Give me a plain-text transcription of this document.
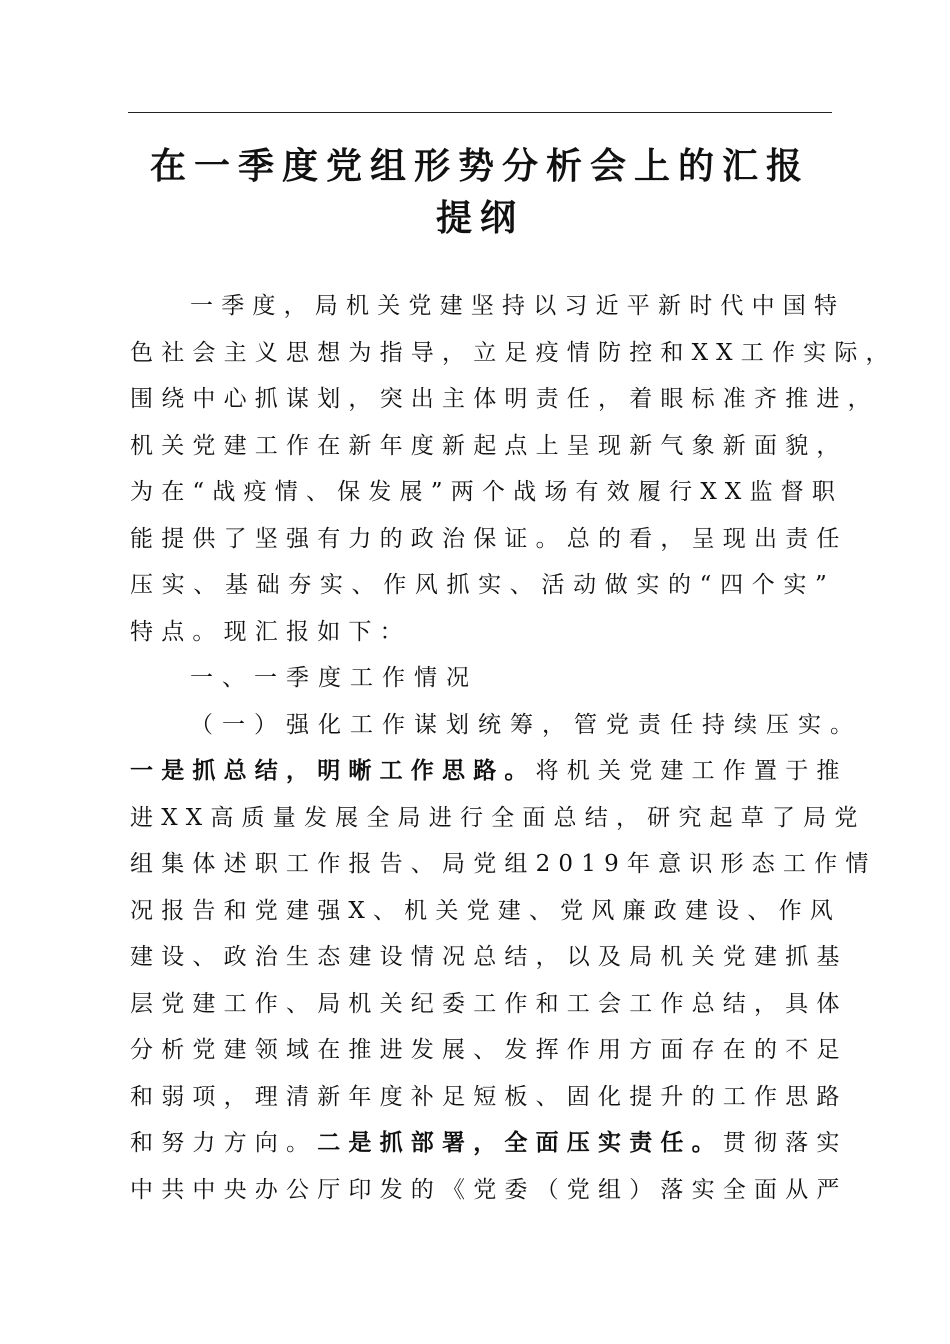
在一季度党组形势分析会上的汇报
提纲
一季度，局机关党建坚持以习近平新时代中国特
色社会主义思想为指导，立足疫情防控和XX工作实际，
围绕中心抓谋划，突出主体明责任，着眼标准齐推进，
机关党建工作在新年度新起点上呈现新气象新面貌，
为在“战疫情、保发展”两个战场有效履行XX监督职
能提供了坚强有力的政治保证。总的看，呈现出责任
压实、基础夯实、作风抓实、活动做实的“四个实”
特点。现汇报如下：
一、一季度工作情况
（一）强化工作谋划统筹，管党责任持续压实。
一是抓总结，明晰工作思路。将机关党建工作置于推
进XX高质量发展全局进行全面总结，研究起草了局党
组集体述职工作报告、局党组2019年意识形态工作情
况报告和党建强X、机关党建、党风廉政建设、作风
建设、政治生态建设情况总结，以及局机关党建抓基
层党建工作、局机关纪委工作和工会工作总结，具体
分析党建领域在推进发展、发挥作用方面存在的不足
和弱项，理清新年度补足短板、固化提升的工作思路
和努力方向。二是抓部署，全面压实责任。贯彻落实
中共中央办公厅印发的《党委（党组）落实全面从严
